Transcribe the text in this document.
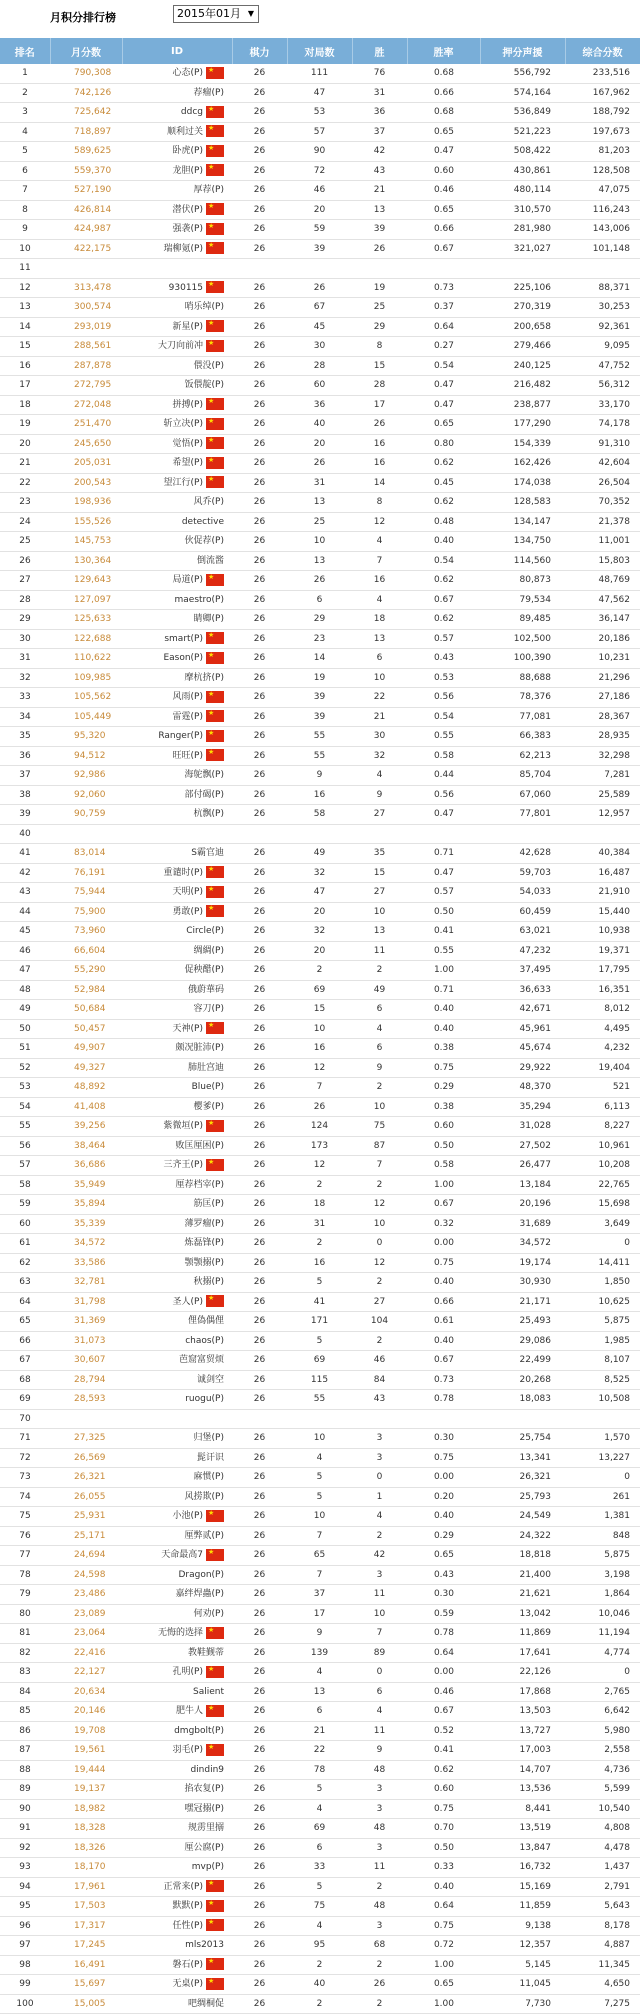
月积分排行榜	2015年01月 ▼
排名	月分数	ID	棋力	对局数	胜	胜率	押分声援	综合分数
1	790,308	心态(P)★	26	111	76	0.68	556,792	233,516
2	742,126	荐瘤(P)	26	47	31	0.66	574,164	167,962
3	725,642	ddcg★	26	53	36	0.68	536,849	188,792
4	718,897	顺利过关★	26	57	37	0.65	521,223	197,673
5	589,625	卧虎(P)★	26	90	42	0.47	508,422	81,203
6	559,370	龙胆(P)★	26	72	43	0.60	430,861	128,508
7	527,190	厚荐(P)	26	46	21	0.46	480,114	47,075
8	426,814	潜伏(P)★	26	20	13	0.65	310,570	116,243
9	424,987	强袭(P)★	26	59	39	0.66	281,980	143,006
10	422,175	瑞柳氪(P)★	26	39	26	0.67	321,027	101,148
11								
12	313,478	930115★	26	26	19	0.73	225,106	88,371
13	300,574	哨乐绰(P)	26	67	25	0.37	270,319	30,253
14	293,019	新星(P)★	26	45	29	0.64	200,658	92,361
15	288,561	大刀向前冲★	26	30	8	0.27	279,466	9,095
16	287,878	偎没(P)	26	28	15	0.54	240,125	47,752
17	272,795	饭偎靛(P)	26	60	28	0.47	216,482	56,312
18	272,048	拼搏(P)★	26	36	17	0.47	238,877	33,170
19	251,470	斩立决(P)★	26	40	26	0.65	177,290	74,178
20	245,650	觉悟(P)★	26	20	16	0.80	154,339	91,310
21	205,031	希望(P)★	26	26	16	0.62	162,426	42,604
22	200,543	望江行(P)★	26	31	14	0.45	174,038	26,504
23	198,936	风乔(P)	26	13	8	0.62	128,583	70,352
24	155,526	detective	26	25	12	0.48	134,147	21,378
25	145,753	伙促荐(P)	26	10	4	0.40	134,750	11,001
26	130,364	倒流酱	26	13	7	0.54	114,560	15,803
27	129,643	局道(P)★	26	26	16	0.62	80,873	48,769
28	127,097	maestro(P)	26	6	4	0.67	79,534	47,562
29	125,633	睛卿(P)	26	29	18	0.62	89,485	36,147
30	122,688	smart(P)★	26	23	13	0.57	102,500	20,186
31	110,622	Eason(P)★	26	14	6	0.43	100,390	10,231
32	109,985	摩杭挤(P)	26	19	10	0.53	88,688	21,296
33	105,562	风雨(P)★	26	39	22	0.56	78,376	27,186
34	105,449	雷霆(P)★	26	39	21	0.54	77,081	28,367
35	95,320	Ranger(P)★	26	55	30	0.55	66,383	28,935
36	94,512	旺旺(P)★	26	55	32	0.58	62,213	32,298
37	92,986	海鸵飘(P)	26	9	4	0.44	85,704	7,281
38	92,060	部付碣(P)	26	16	9	0.56	67,060	25,589
39	90,759	杭飘(P)	26	58	27	0.47	77,801	12,957
40								
41	83,014	S霸官迪	26	49	35	0.71	42,628	40,384
42	76,191	重谴时(P)★	26	32	15	0.47	59,703	16,487
43	75,944	天明(P)★	26	47	27	0.57	54,033	21,910
44	75,900	勇敢(P)★	26	20	10	0.50	60,459	15,440
45	73,960	Circle(P)	26	32	13	0.41	63,021	10,938
46	66,604	绸綢(P)	26	20	11	0.55	47,232	19,371
47	55,290	促秧醋(P)	26	2	2	1.00	37,495	17,795
48	52,984	俄蔚華码	26	69	49	0.71	36,633	16,351
49	50,684	容刀(P)	26	15	6	0.40	42,671	8,012
50	50,457	天神(P)★	26	10	4	0.40	45,961	4,495
51	49,907	颇况脏沛(P)	26	16	6	0.38	45,674	4,232
52	49,327	肺肚宫迪	26	12	9	0.75	29,922	19,404
53	48,892	Blue(P)	26	7	2	0.29	48,370	521
54	41,408	樱爹(P)	26	26	10	0.38	35,294	6,113
55	39,256	紫微垣(P)★	26	124	75	0.60	31,028	8,227
56	38,464	败匡厘困(P)	26	173	87	0.50	27,502	10,961
57	36,686	三齐王(P)★	26	12	7	0.58	26,477	10,208
58	35,949	厘荐档宰(P)	26	2	2	1.00	13,184	22,765
59	35,894	筋匡(P)	26	18	12	0.67	20,196	15,698
60	35,339	薄罗瘤(P)	26	31	10	0.32	31,689	3,649
61	34,572	炼磊锋(P)	26	2	0	0.00	34,572	0
62	33,586	颚颚搦(P)	26	16	12	0.75	19,174	14,411
63	32,781	秋搦(P)	26	5	2	0.40	30,930	1,850
64	31,798	圣人(P)★	26	41	27	0.66	21,171	10,625
65	31,369	俚偽偶俚	26	171	104	0.61	25,493	5,875
66	31,073	chaos(P)	26	5	2	0.40	29,086	1,985
67	30,607	芭窟富贸烦	26	69	46	0.67	22,499	8,107
68	28,794	诚剑空	26	115	84	0.73	20,268	8,525
69	28,593	ruogu(P)	26	55	43	0.78	18,083	10,508
70								
71	27,325	归堡(P)	26	10	3	0.30	25,754	1,570
72	26,569	髭讦识	26	4	3	0.75	13,341	13,227
73	26,321	麻惯(P)	26	5	0	0.00	26,321	0
74	26,055	风捞欺(P)	26	5	1	0.20	25,793	261
75	25,931	小池(P)★	26	10	4	0.40	24,549	1,381
76	25,171	厘弊贰(P)	26	7	2	0.29	24,322	848
77	24,694	天命最高7★	26	65	42	0.65	18,818	5,875
78	24,598	Dragon(P)	26	7	3	0.43	21,400	3,198
79	23,486	嘉绊焊蟲(P)	26	37	11	0.30	21,621	1,864
80	23,089	何劝(P)	26	17	10	0.59	13,042	10,046
81	23,064	无悔的选择★	26	9	7	0.78	11,869	11,194
82	22,416	教鞋觐蒂	26	139	89	0.64	17,641	4,774
83	22,127	孔明(P)★	26	4	0	0.00	22,126	0
84	20,634	Salient	26	13	6	0.46	17,868	2,765
85	20,146	肥牛人★	26	6	4	0.67	13,503	6,642
86	19,708	dmgbolt(P)	26	21	11	0.52	13,727	5,980
87	19,561	羽毛(P)★	26	22	9	0.41	17,003	2,558
88	19,444	dindin9	26	78	48	0.62	14,707	4,736
89	19,137	掐农复(P)	26	5	3	0.60	13,536	5,599
90	18,982	嘿冠搦(P)	26	4	3	0.75	8,441	10,540
91	18,328	规雳里搦	26	69	48	0.70	13,519	4,808
92	18,326	厘公腐(P)	26	6	3	0.50	13,847	4,478
93	18,170	mvp(P)	26	33	11	0.33	16,732	1,437
94	17,961	正常来(P)★	26	5	2	0.40	15,169	2,791
95	17,503	默默(P)★	26	75	48	0.64	11,859	5,643
96	17,317	任性(P)★	26	4	3	0.75	9,138	8,178
97	17,245	mls2013	26	95	68	0.72	12,357	4,887
98	16,491	磐石(P)★	26	2	2	1.00	5,145	11,345
99	15,697	无桌(P)★	26	40	26	0.65	11,045	4,650
100	15,005	吧绸桐促	26	2	2	1.00	7,730	7,275
